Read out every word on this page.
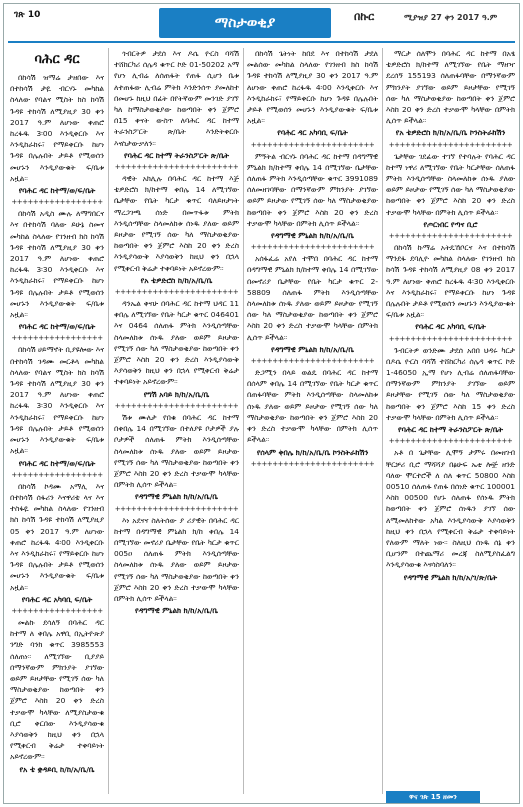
ገጽ 10	ማስታወቂያ	በኩር	ሚያዝያ 27 ቀን 2017 ዓ.ም
ባሕር ዳር

በከሳሽ ዝማሬ ታዘበው እና በተከሳሽ ታዬ ብርሃኑ መካከል ስላለው የባልና ሚስት ክስ ከሳሽ ጉዳዩ ተከሳሽ ለሚያዚያ 30 ቀን 2017 ዓ.ም ለሆነው ቀጠሮ ከረፋዱ 3፡00 እንዲቀርቡ እና እንዲከራከሩ፣ የማይቀርቡ ከሆነ ጉዳዩ በሌሉበት ታይቶ የሚወሰን መሆኑን እንዲያውቁት ፍ/ቤቱ አዟል።

የባሕር ዳር ከተማ/ወ/ፍ/ቤት
+++++++++++++++++

በከሳሽ አዲስ ሙሉ ለማግበርና እና በተከሳሽ ባለው ይሁኔ ስመና መካከል ስላለው የገንዘብ ክስ ከሳሽ ጉዳዩ ተከሳሽ ለሚያዚያ 30 ቀን 2017 ዓ.ም ለሆነው ቀጠሮ ከረፋዱ 3፡30 እንዲቀርቡ እና እንዲከራከሩ፣ የማይቀርቡ ከሆነ ጉዳዩ በሌሉበት ታይቶ የሚወሰን መሆኑን እንዲያውቁት ፍ/ቤቱ አዟል።

የባሕር ዳር ከተማ/ወ/ፍ/ቤት
+++++++++++++++++

በከሳሽ ሀይማኖት ቢያዩሎው እና በተከሳሽ ገዳሙ መርቶላ መካከል ስላለው የባልና ሚስት ክስ ከሳሽ ጉዳዩ ተከሳሽ ለሚያዚያ 30 ቀን 2017 ዓ.ም ለሆነው ቀጠሮ ከረፋዱ 3፡30 እንዲቀርቡ እና እንዲከራከሩ፣ የማይቀርቡ ከሆነ ጉዳዩ በሌሉበት ታይቶ የሚወሰን መሆኑን እንዲያውቁት ፍ/ቤቱ አዟል።

የባሕር ዳር ከተማ/ወ/ፍ/ቤት
+++++++++++++++++

በከሳሽ ኮዳሙ አማሊ እና በተከሳሽ ሰፋሪን እናዋሪቴ ላና እና ተስፋዬ መካከል ስላለው የገንዘብ ክስ ከሳሽ ጉዳዩ ተከሳሽ ለሚያዚያ 05 ቀን 2017 ዓ.ም ለሆነው ቀጠሮ ከረፋዱ 4፡00 እንዲቀርቡ እና እንዲከራከሩ፣ የማይቀርቡ ከሆነ ጉዳዩ በሌሉበት ታይቶ የሚወሰን መሆኑን እንዲያውቁት ፍ/ቤቱ አዟል።

የባሕር ዳር አካባቢ ፍ/ቤት
+++++++++++++++++

መልኩ ደሳለኝ በባሕር ዳር ከተማ ለ ቀበሌ አዋቢ በኢትዮጵያ ንግድ ባንክ ቁጥር 3985553 ሰለጠነ። ለሚገኘው ቢያያይ በማንኛውም ምክንያት ያገኘው ወይም ይዞታቸው የሚገኝ ሰው ካለ ማስታወቂያው ከወጣበት ቀን ጀምሮ እስከ 20 ቀን ድረስ ተቃውሞ ካላቸው ለሚያስታውቁ ቢሮ ቀርበው እንዲያሳውቁ እያሳወቅን ከዚህ ቀን በኋላ የሚቀርብ ቅሬታ ተቀባይነት አይኖረውም።

የአ ቴ ቋዳይቢ ከ/ከ/አ/ቤ/ቤ

ጎብርትዎ ታደሰ እና ዶሴ ዮርስ ባሻሽ ተሸከርካሪ ሰሌዳ ቁጥር ኮድ 01-50202 አማ የሆነ ሊብሬ ለሰጠፋት የጠፋ ሲሆን ቤቱ ለተጠፋው ሊብሬ ምትክ እንድንሰጥ ያመለከተ በመሆኑ ከዚህ በፊት በየትኛውም መንገድ ያገኘ ካለ ከማስታወቂያው ከወጣበት ቀን ጀምሮ በ15 ቀናት ውስጥ ለባሕር ዳር ከተማ ትራንስፖርት ጽ/ቤት እንድትቀርቡ እናስታውቃለን።

የባሕር ዳር ከተማ ትራንስፖርት ጽ/ቤት
+++++++++++++++++++++++

ዳዊት አክሊሉ በባሕር ዳር ከተማ እጅ ቴዎድሮስ ክ/ከተማ ቀበሌ 14 ለሚገኘው ቤታቸው የቤት ካርታ ቁጥር ባለይዞታነት ማረጋገጫ ሰነድ በመጥፋቱ ምትክ እንዲሰጣቸው ስላመለከቱ ሰነዱ ያለው ወይም ይዞታው የሚገኝ ሰው ካለ ማስታወቂያው ከወጣበት ቀን ጀምሮ እስከ 20 ቀን ድረስ እንዲያሳውቅ እያሳወቅን ከዚህ ቀን በኋላ የሚቀርብ ቅሬታ ተቀባይነት አይኖረውም።

የአ ቴዎድሮስ ከ/ከ/አ/ቤ/ቤ
+++++++++++++++++++++++

ዳንኤል ቀናሁ በባሕር ዳር ከተማ ህዳር 11 ቀበሌ ለሚገኘው የቤት ካርታ ቁጥር 046401 እና 0464 ሰለጠፋ ምትክ እንዲሰጣቸው ስላመለከቱ ሰነዱ ያለው ወይም ይዞታው የሚገኝ ሰው ካለ ማስታወቂያው ከወጣበት ቀን ጀምሮ እስከ 20 ቀን ድረስ እንዲያሳውቅ እያሳወቅን ከዚህ ቀን በኋላ የሚቀርብ ቅሬታ ተቀባይነት አይኖረውም።

የግሽ አባይ ክ/ከ/አ/ቤ/ቤ
+++++++++++++++++++++++

ሽቱ ሙለታ የበቁ በባሕር ዳር ከተማ በቀበሌ 14 በሚገኘው በተለያዩ ቦታዎች ያሉ ቦታዎች ሰለጠፋ ምትክ እንዲሰጣቸው ስላመለከቱ ሰነዱ ያለው ወይም ይዞታው የሚገኝ ሰው ካለ ማስታወቂያው ከወጣበት ቀን ጀምሮ እስከ 20 ቀን ድረስ ተቃውሞ ካላቸው በምትክ ሊሰጥ ይችላል።

የዳግማዊ ምኒልክ ክ/ከ/አ/ቤ/ቤ
+++++++++++++++++++++++

እነ አደናና ስለትሰው ያ ሪያዊት በባሕር ዳር ከተማ በዳግማዊ ምኒልክ ክ/ከ ቀበሌ 14 በሚገኘው መኖሪያ ቤታቸው የቤት ካርታ ቁጥር 005ዐ ሰለጠፋ ምትክ እንዲሰጣቸው ስላመለከቱ ሰነዱ ያለው ወይም ይዞታው የሚገኝ ሰው ካለ ማስታወቂያው ከወጣበት ቀን ጀምሮ እስከ 20 ቀን ድረስ ተቃውሞ ካላቸው በምትክ ሊሰጥ ይችላል።

የዳግማዊ ምኒልክ ክ/ከ/አ/ቤ/ቤ

በከሳሽ ጌትነት ከበደ እና በተከሳሽ ታደለ መልሰው መካከል ስላለው የገንዘብ ክስ ከሳሽ ጉዳዩ ተከሳሽ ለሚያዚያ 30 ቀን 2017 ዓ.ም ለሆነው ቀጠሮ ከረፋዱ 4፡00 እንዲቀርቡ እና እንዲከራከሩ፣ የማይቀርቡ ከሆነ ጉዳዩ በሌሉበት ታይቶ የሚወሰን መሆኑን እንዲያውቁት ፍ/ቤቱ አዟል።

የባሕር ዳር አካባቢ ፍ/ቤት
+++++++++++++++++++++++

ምኝትል ብርሃኑ በባሕር ዳር ከተማ በዳግማዊ ምኒልክ ክ/ከተማ ቀበሌ 14 በሚገኘው ቤታቸው ሰለጠፋ ምትክ እንዲሰጣቸው ቁጥር 3991089 ሰለመዘገባቸው በማንኛውም ምክንያት ያገኘው ወይም ይዞታው የሚገኝ ሰው ካለ ማስታወቂያው ከወጣበት ቀን ጀምሮ እስከ 20 ቀን ድረስ ተቃውሞ ካላቸው በምትክ ሊሰጥ ይችላል።

የዳግማዊ ምኒልክ ክ/ከ/አ/ቤ/ቤ
+++++++++++++++++++++++

አሰፋፈሬ አየለ ተሞበ በባሕር ዳር ከተማ በዳግማዊ ምኒልክ ክ/ከተማ ቀበሌ 14 በሚገኘው በመኖሪያ ቤታቸው የቤት ካርታ ቁጥር 2-58809 ሰለጠፋ ምትክ እንዲሰጣቸው ስላመለከቱ ሰነዱ ያለው ወይም ይዞታው የሚገኝ ሰው ካለ ማስታወቂያው ከወጣበት ቀን ጀምሮ እስከ 20 ቀን ድረስ ተቃውሞ ካላቸው በምትክ ሊሰጥ ይችላል።

የዳግማዊ ምኒልክ ክ/ከ/አ/ቤ/ቤ
+++++++++++++++++++++++

ድጋሚን በላይ ወልዴ በባሕር ዳር ከተማ በሰላም ቀበሌ 14 በሚገኘው የቤት ካርታ ቁጥር በጠፋባቸው ምትክ እንዲሰጣቸው ስላመለከቱ ሰነዱ ያለው ወይም ይዞታው የሚገኝ ሰው ካለ ማስታወቂያው ከወጣበት ቀን ጀምሮ እስከ 20 ቀን ድረስ ተቃውሞ ካላቸው በምትክ ሊሰጥ ይችላል።

የሰላም ቀበሌ ክ/ከ/አ/ቤ/ቤ ኮንስትራክሽን
+++++++++++++++++++++++

ማርታ ሰለሞን በባሕር ዳር ከተማ በአፄ ቴዎድሮስ ክ/ከተማ ለሚገኘው የቤት ማዘዣ ደረሰኝ 155193 ሰለጠፋባቸው በማንኛውም ምክንያት ያገኘው ወይም ይዞታቸው የሚገኝ ሰው ካለ ማስታወቂያው ከወጣበት ቀን ጀምሮ እስከ 20 ቀን ድረስ ተቃውሞ ካላቸው በምትክ ሊሰጥ ይችላል።

የአ ቴዎድሮስ ክ/ከ/አ/ቤ/ቤ ኮንስትራክሽን
+++++++++++++++++++++++

ጌታቸው ገደፊው ተገኘ የተባሉት የባሕር ዳር ከተማ ነዋሪ ለሚገኘው የቤት ካርታቸው ሰለጠፋ ምትክ እንዲሰጣቸው ስላመለከቱ ሰነዱ ያለው ወይም ይዞታው የሚገኝ ሰው ካለ ማስታወቂያው ከወጣበት ቀን ጀምሮ እስከ 20 ቀን ድረስ ተቃውሞ ካላቸው በምትክ ሊሰጥ ይችላል።

የጦርነበር የጣና ቢሮ
+++++++++++++++++++++++

በከሳሽ ኩማሬ አትዴኸቦርና እና በተከሳሽ ማንደፋ ደባሊዮ መካከል ስላለው የገንዘብ ክስ ከሳሽ ጉዳዩ ተከሳሽ ለሚያዚያ 08 ቀን 2017 ዓ.ም ለሆነው ቀጠሮ ከረፋዱ 4፡30 እንዲቀርቡ እና እንዲከራከሩ፣ የማይቀርቡ ከሆነ ጉዳዩ በሌሉበት ታይቶ የሚወሰን መሆኑን እንዲያውቁት ፍ/ቤቱ አዟል።

የባሕር ዳር አካባቢ ፍ/ቤት
+++++++++++++++++++++++

ጉብርትዎ ወንድሙ ታደሰ አበበ ህዳሩ ካርታ በዶሴ ዮርስ ባሻሽ ተሸከርካሪ ሰሌዳ ቁጥር ኮድ 1-46050 ኢማ የሆነ ሊብሬ ሰለጠፋባቸው በማንኛውም ምክንያት ያገኘው ወይም ይዞታቸው የሚገኝ ሰው ካለ ማስታወቂያው ከወጣበት ቀን ጀምሮ እስከ 15 ቀን ድረስ ተቃውሞ ካላቸው በምትክ ሊሰጥ ይችላል።

የባሕር ዳር ከተማ ትራንስፖርት ጽ/ቤት
+++++++++++++++++++++++

አቶ በ ጌታቸው ሊሞኝ ታምሩ በመዘገብ ቸርቻሪ ቢሮ ማሻሻያ በፅሁፍ ኤቲ ሎጅ ዘንድ ባለው ሞርተሮች ለ ሰለ ቁጥር 50800 እስከ 00510 ሰለጠፋ የጠፋ በሰነድ ቁጥር 100001 እስከ 00500 የሆኑ ሰለጠፋ የሰነዱ ምትክ ከወጣበት ቀን ጀምሮ ሰነዱን ያገኘ ሰው ለሚመለከተው አካል እንዲያሳውቅ እያሳወቅን ከዚህ ቀን በኋላ የሚቀርብ ቅሬታ ተቀባይነት የለውም ማለት ነው። ስለዚህ ሰነዱ ሰኔ ቀን ቢሆንም በተጨማሪ መረጃ ስለሚያስፈልግ እንዲያሳውቁ እናሳስባለን።

የዳግማዊ ምኒልክ ክ/ከ/አ/ገ/ጽ/ቤት
ዋና ገጽ 15 ዘመን
